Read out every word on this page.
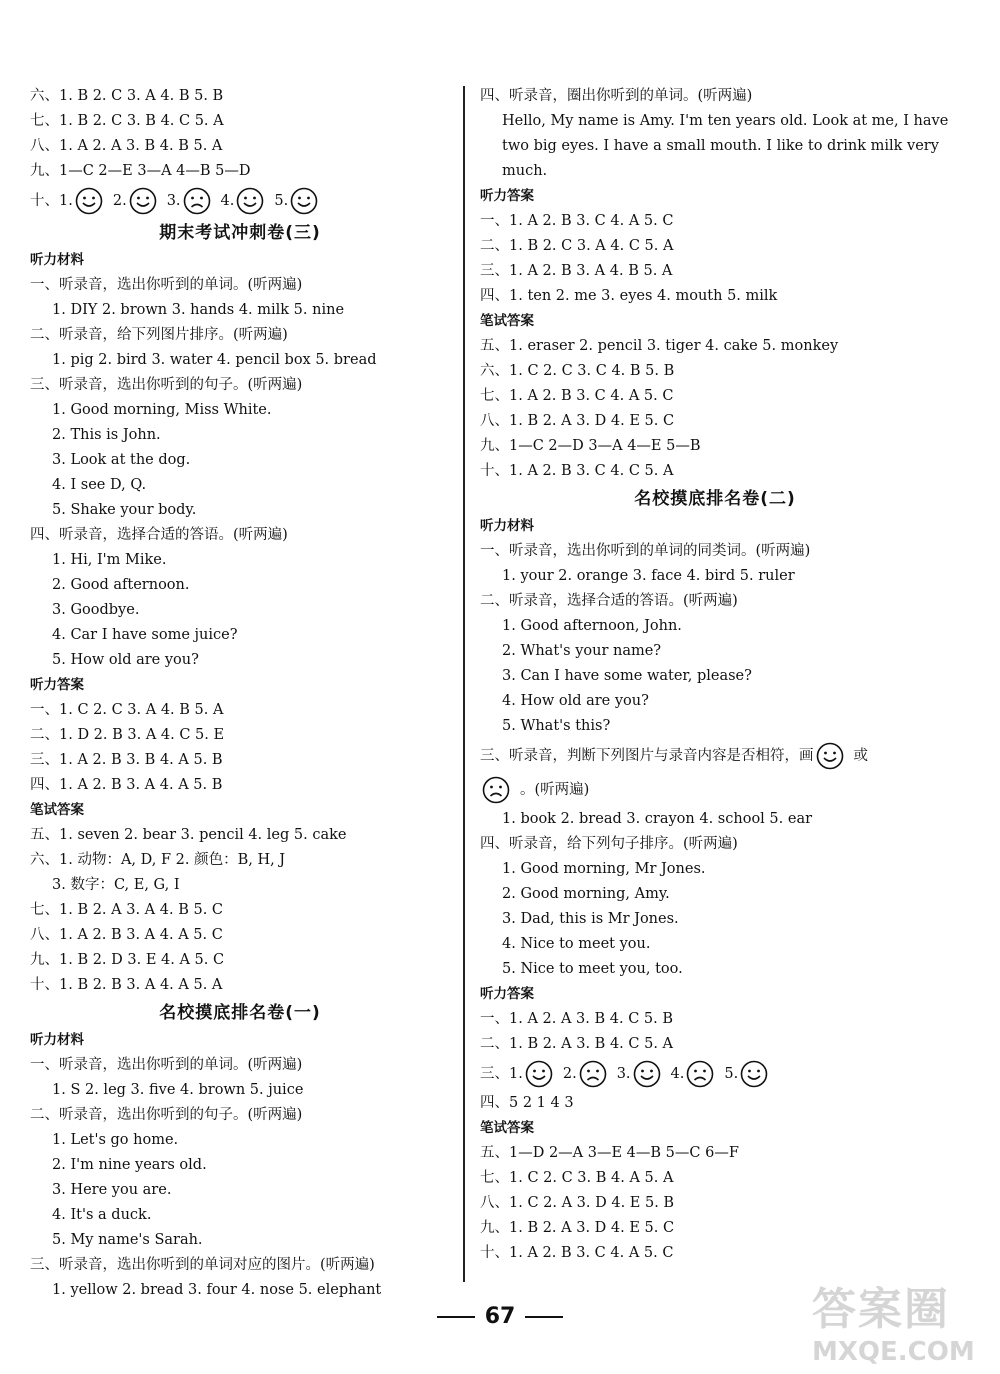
六、1. B 2. C 3. A 4. B 5. B
七、1. B 2. C 3. B 4. C 5. A
八、1. A 2. A 3. B 4. B 5. A
九、1—C 2—E 3—A 4—B 5—D
十、1.	2.	3.	4.	5.
期末考试冲刺卷(三)
听力材料
一、听录音，选出你听到的单词。(听两遍)
1. DIY 2. brown 3. hands 4. milk 5. nine
二、听录音，给下列图片排序。(听两遍)
1. pig 2. bird 3. water 4. pencil box 5. bread
三、听录音，选出你听到的句子。(听两遍)
1. Good morning, Miss White.
2. This is John.
3. Look at the dog.
4. I see D, Q.
5. Shake your body.
四、听录音，选择合适的答语。(听两遍)
1. Hi, I'm Mike.
2. Good afternoon.
3. Goodbye.
4. Car I have some juice?
5. How old are you?
听力答案
一、1. C 2. C 3. A 4. B 5. A
二、1. D 2. B 3. A 4. C 5. E
三、1. A 2. B 3. B 4. A 5. B
四、1. A 2. B 3. A 4. A 5. B
笔试答案
五、1. seven 2. bear 3. pencil 4. leg 5. cake
六、1. 动物：A, D, F 2. 颜色：B, H, J
3. 数字：C, E, G, I
七、1. B 2. A 3. A 4. B 5. C
八、1. A 2. B 3. A 4. A 5. C
九、1. B 2. D 3. E 4. A 5. C
十、1. B 2. B 3. A 4. A 5. A
名校摸底排名卷(一)
听力材料
一、听录音，选出你听到的单词。(听两遍)
1. S 2. leg 3. five 4. brown 5. juice
二、听录音，选出你听到的句子。(听两遍)
1. Let's go home.
2. I'm nine years old.
3. Here you are.
4. It's a duck.
5. My name's Sarah.
三、听录音，选出你听到的单词对应的图片。(听两遍)
1. yellow 2. bread 3. four 4. nose 5. elephant
四、听录音，圈出你听到的单词。(听两遍)
Hello, My name is Amy. I'm ten years old. Look at me, I have two big eyes. I have a small mouth. I like to drink milk very much.
听力答案
一、1. A 2. B 3. C 4. A 5. C
二、1. B 2. C 3. A 4. C 5. A
三、1. A 2. B 3. A 4. B 5. A
四、1. ten 2. me 3. eyes 4. mouth 5. milk
笔试答案
五、1. eraser 2. pencil 3. tiger 4. cake 5. monkey
六、1. C 2. C 3. C 4. B 5. B
七、1. A 2. B 3. C 4. A 5. C
八、1. B 2. A 3. D 4. E 5. C
九、1—C 2—D 3—A 4—E 5—B
十、1. A 2. B 3. C 4. C 5. A
名校摸底排名卷(二)
听力材料
一、听录音，选出你听到的单词的同类词。(听两遍)
1. your 2. orange 3. face 4. bird 5. ruler
二、听录音，选择合适的答语。(听两遍)
1. Good afternoon, John.
2. What's your name?
3. Can I have some water, please?
4. How old are you?
5. What's this?
三、听录音，判断下列图片与录音内容是否相符，画	或
。(听两遍)
1. book 2. bread 3. crayon 4. school 5. ear
四、听录音，给下列句子排序。(听两遍)
1. Good morning, Mr Jones.
2. Good morning, Amy.
3. Dad, this is Mr Jones.
4. Nice to meet you.
5. Nice to meet you, too.
听力答案
一、1. A 2. A 3. B 4. C 5. B
二、1. B 2. A 3. B 4. C 5. A
三、1.	2.	3.	4.	5.
四、5 2 1 4 3
笔试答案
五、1—D 2—A 3—E 4—B 5—C 6—F
七、1. C 2. C 3. B 4. A 5. A
八、1. C 2. A 3. D 4. E 5. B
九、1. B 2. A 3. D 4. E 5. C
十、1. A 2. B 3. C 4. A 5. C
67	答案圈
MXQE.COM
